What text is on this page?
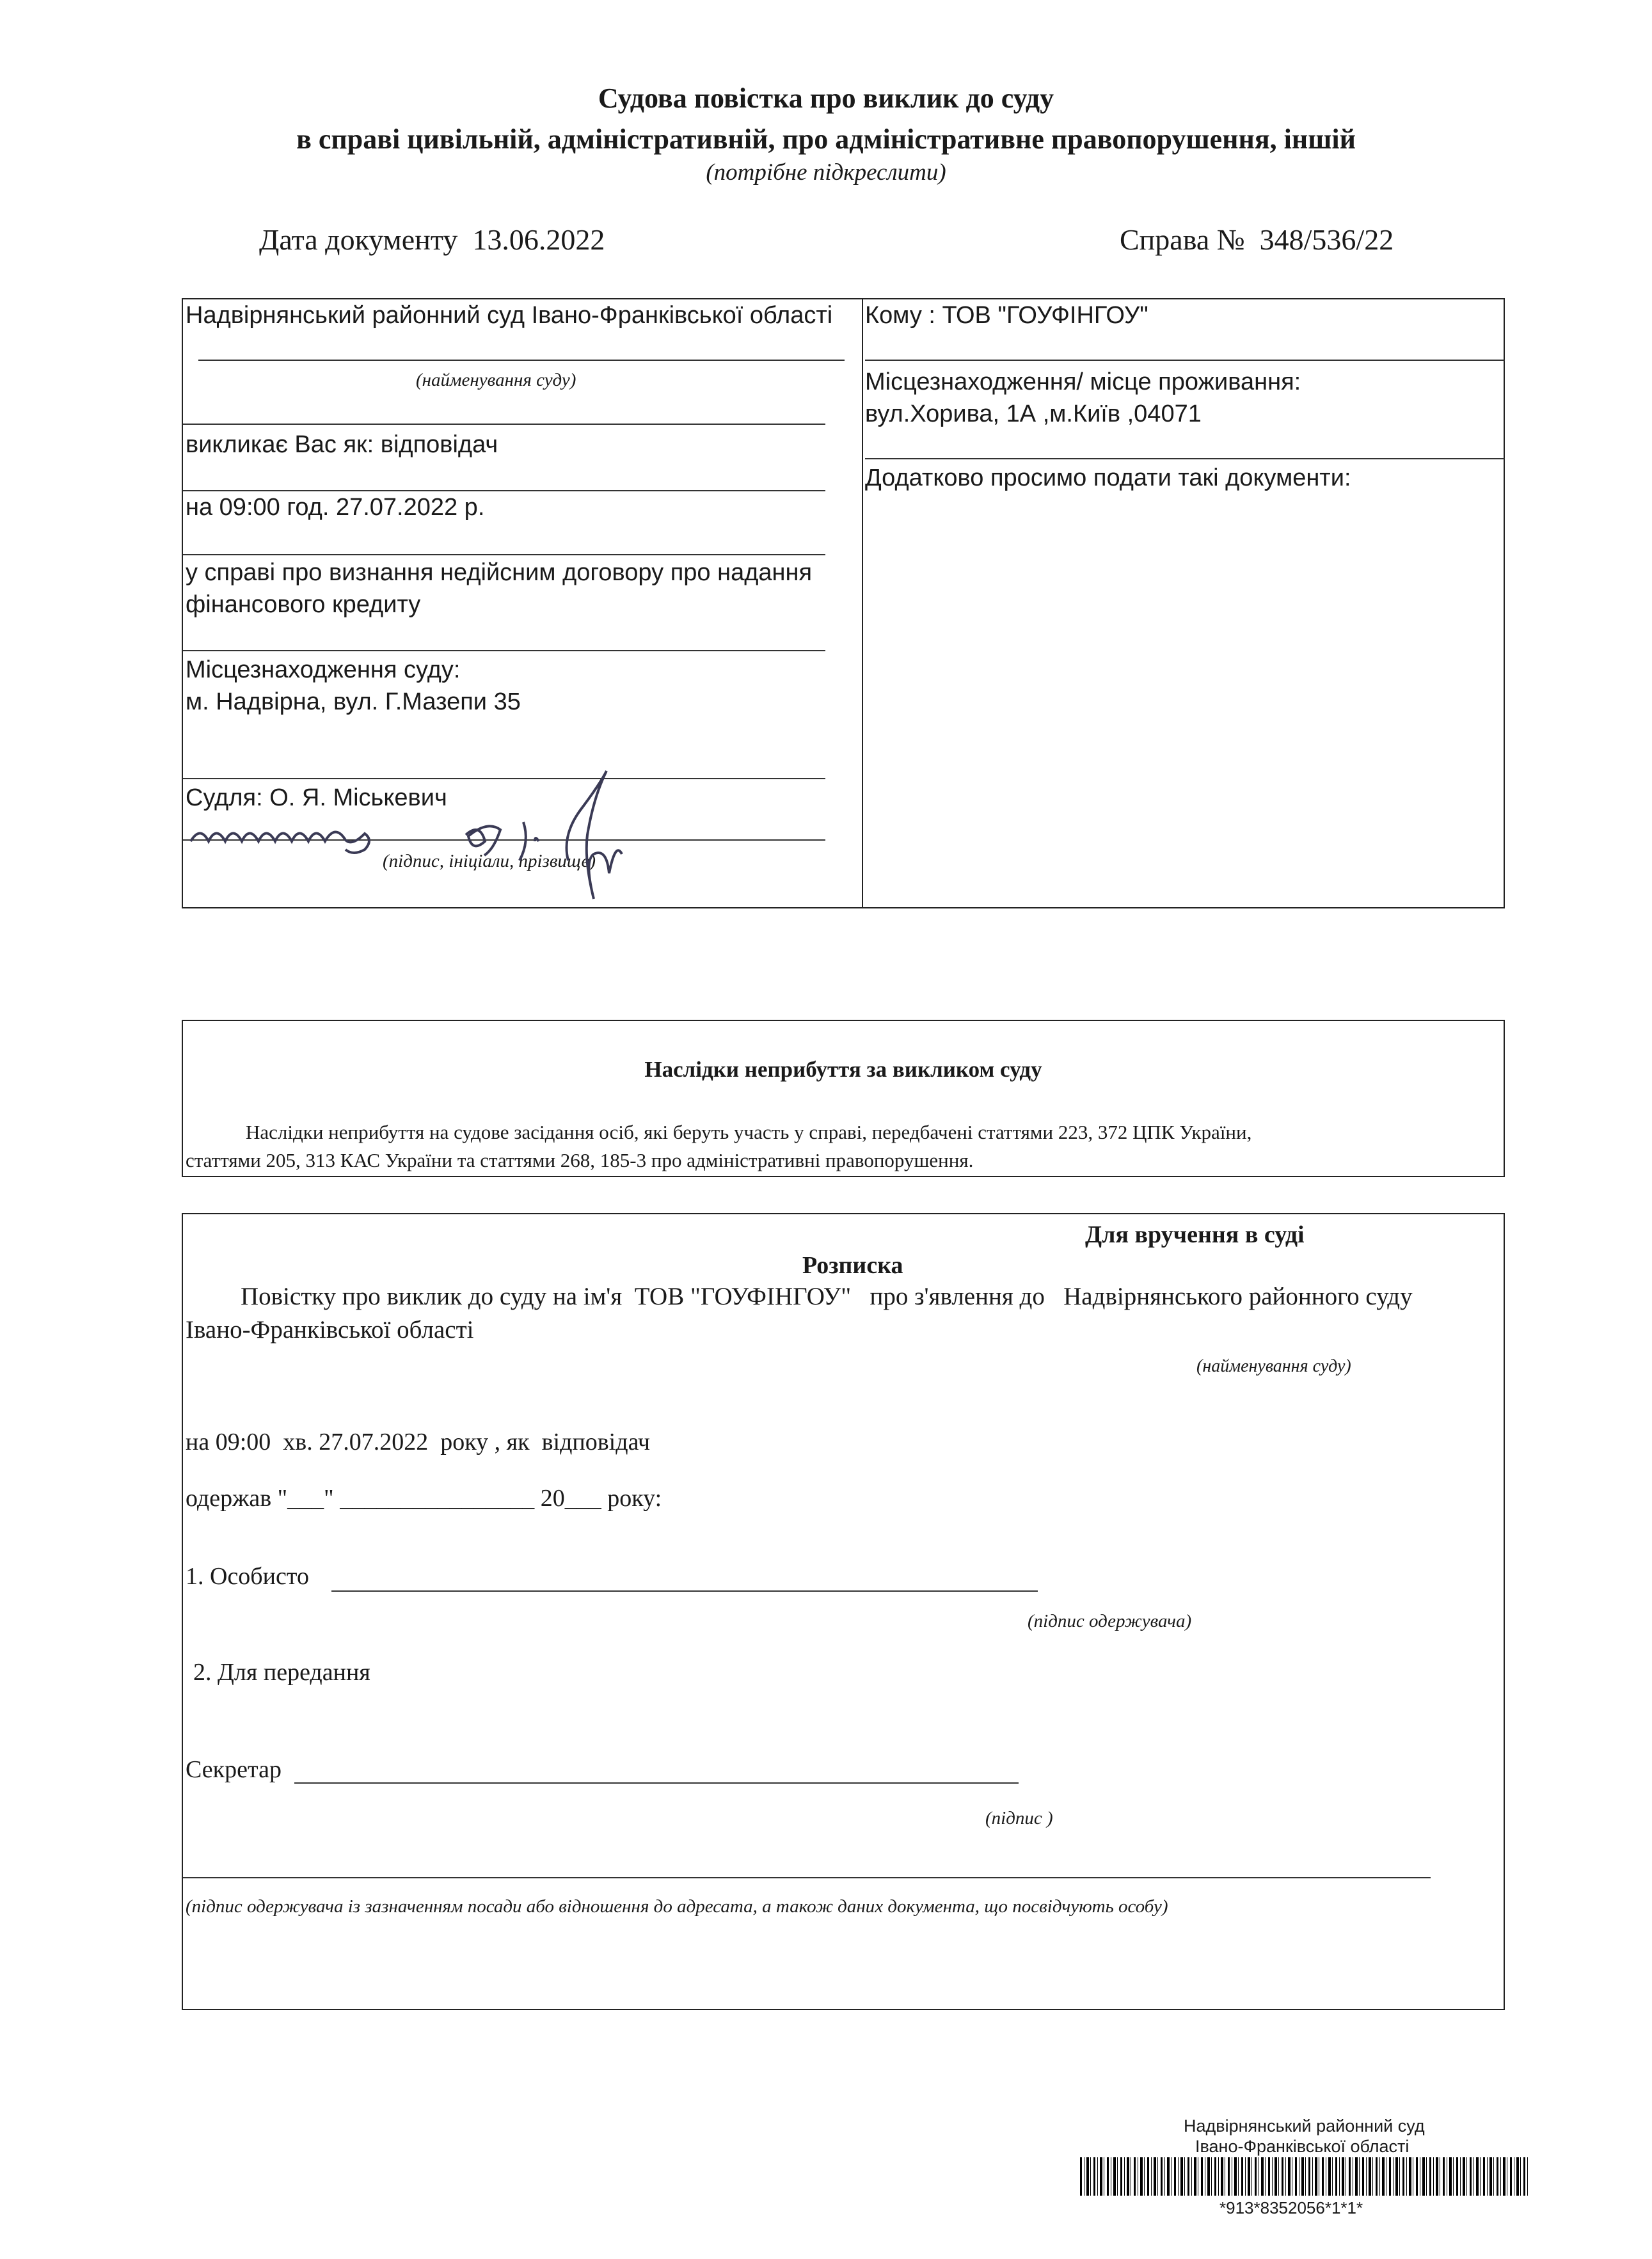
Судова повістка про виклик до суду
в справі цивільній, адміністративній, про адміністративне правопорушення, іншій
(потрібне підкреслити)
Дата документу 13.06.2022	Справа № 348/536/22
Надвірнянський районний суд Івано-Франківської області
(найменування суду)
викликає Вас як: відповідач
на 09:00 год. 27.07.2022 р.
у справі про визнання недійсним договору про надання
фінансового кредиту
Місцезнаходження суду:
м. Надвірна, вул. Г.Мазепи 35
Судля: О. Я. Міськевич
(підпис, ініціали, прізвище)
Кому : ТОВ "ГОУФІНГОУ"
Місцезнаходження/ місце проживання:
вул.Хорива, 1А ,м.Київ ,04071
Додатково просимо подати такі документи:
Наслідки неприбуття за викликом суду
Наслідки неприбуття на судове засідання осіб, які беруть участь у справі, передбачені статтями 223, 372 ЦПК України,
статтями 205, 313 КАС України та статтями 268, 185-3 про адміністративні правопорушення.
Для вручення в суді
Розписка
Повістку про виклик до суду на ім'я  ТОВ "ГОУФІНГОУ"   про з'явлення до   Надвірнянського районного суду
Івано-Франківської області
(найменування суду)
на 09:00  хв. 27.07.2022  року , як  відповідач
одержав "___" ________________ 20___ року:
1. Особисто
(підпис одержувача)
2. Для передання
Секретар
(підпис )
(підпис одержувача із зазначенням посади або відношення до адресата, а також даних документа, що посвідчують особу)
Надвірнянський районний суд
Івано-Франківської області
*913*8352056*1*1*
